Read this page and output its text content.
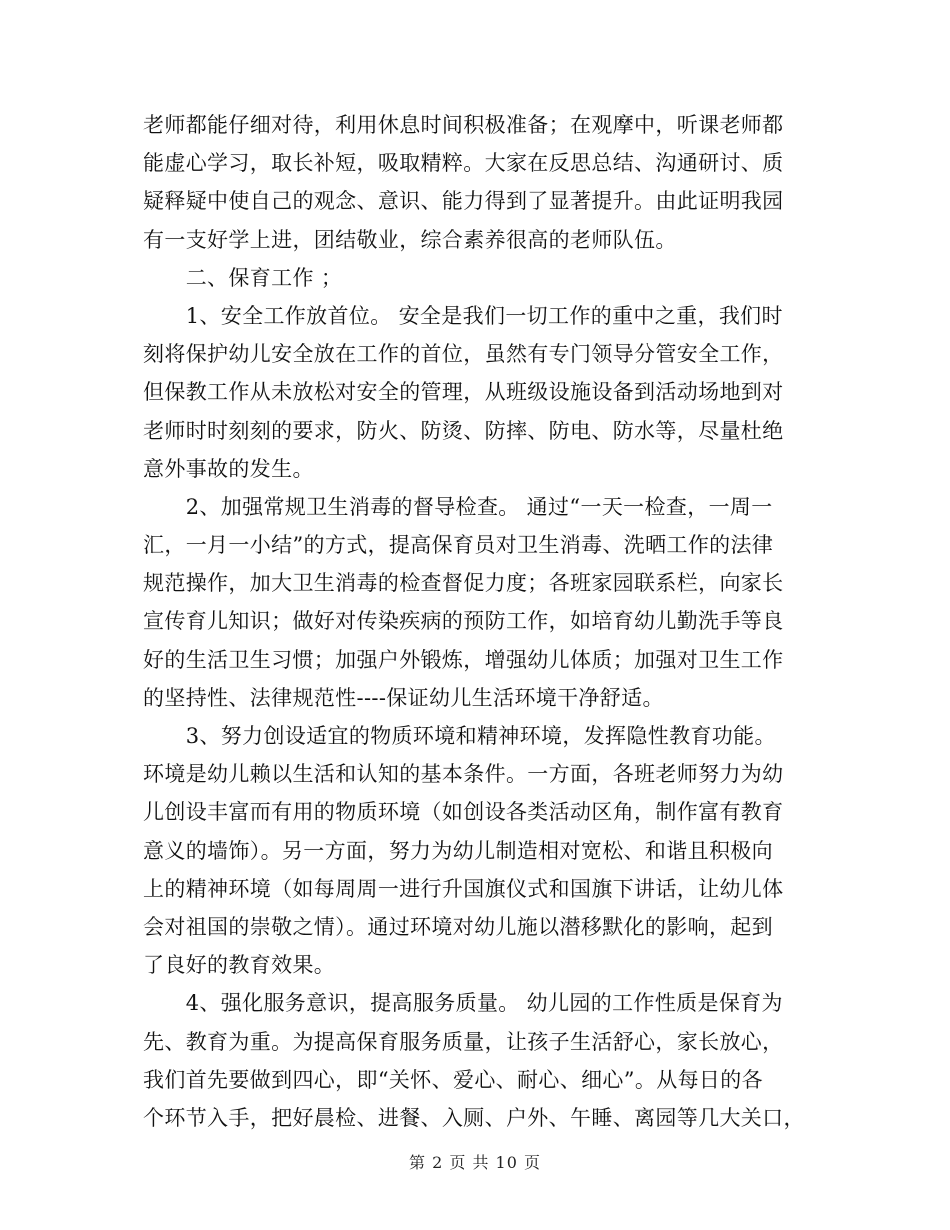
老师都能仔细对待，利用休息时间积极准备；在观摩中，听课老师都
能虚心学习，取长补短，吸取精粹。大家在反思总结、沟通研讨、质
疑释疑中使自己的观念、意识、能力得到了显著提升。由此证明我园
有一支好学上进，团结敬业，综合素养很高的老师队伍。
　　二、保育工作 ；
　　1、安全工作放首位。 安全是我们一切工作的重中之重，我们时
刻将保护幼儿安全放在工作的首位，虽然有专门领导分管安全工作，
但保教工作从未放松对安全的管理，从班级设施设备到活动场地到对
老师时时刻刻的要求，防火、防烫、防摔、防电、防水等，尽量杜绝
意外事故的发生。
　　2、加强常规卫生消毒的督导检查。 通过“一天一检查，一周一
汇，一月一小结”的方式，提高保育员对卫生消毒、洗晒工作的法律
规范操作，加大卫生消毒的检查督促力度；各班家园联系栏，向家长
宣传育儿知识；做好对传染疾病的预防工作，如培育幼儿勤洗手等良
好的生活卫生习惯；加强户外锻炼，增强幼儿体质；加强对卫生工作
的坚持性、法律规范性----保证幼儿生活环境干净舒适。
　　3、努力创设适宜的物质环境和精神环境，发挥隐性教育功能。
环境是幼儿赖以生活和认知的基本条件。一方面，各班老师努力为幼
儿创设丰富而有用的物质环境（如创设各类活动区角，制作富有教育
意义的墙饰）。另一方面，努力为幼儿制造相对宽松、和谐且积极向
上的精神环境（如每周周一进行升国旗仪式和国旗下讲话，让幼儿体
会对祖国的崇敬之情）。通过环境对幼儿施以潜移默化的影响，起到
了良好的教育效果。
　　4、强化服务意识，提高服务质量。 幼儿园的工作性质是保育为
先、教育为重。为提高保育服务质量，让孩子生活舒心，家长放心，
我们首先要做到四心，即“关怀、爱心、耐心、细心”。从每日的各
个环节入手，把好晨检、进餐、入厕、户外、午睡、离园等几大关口，
第 2 页 共 10 页
